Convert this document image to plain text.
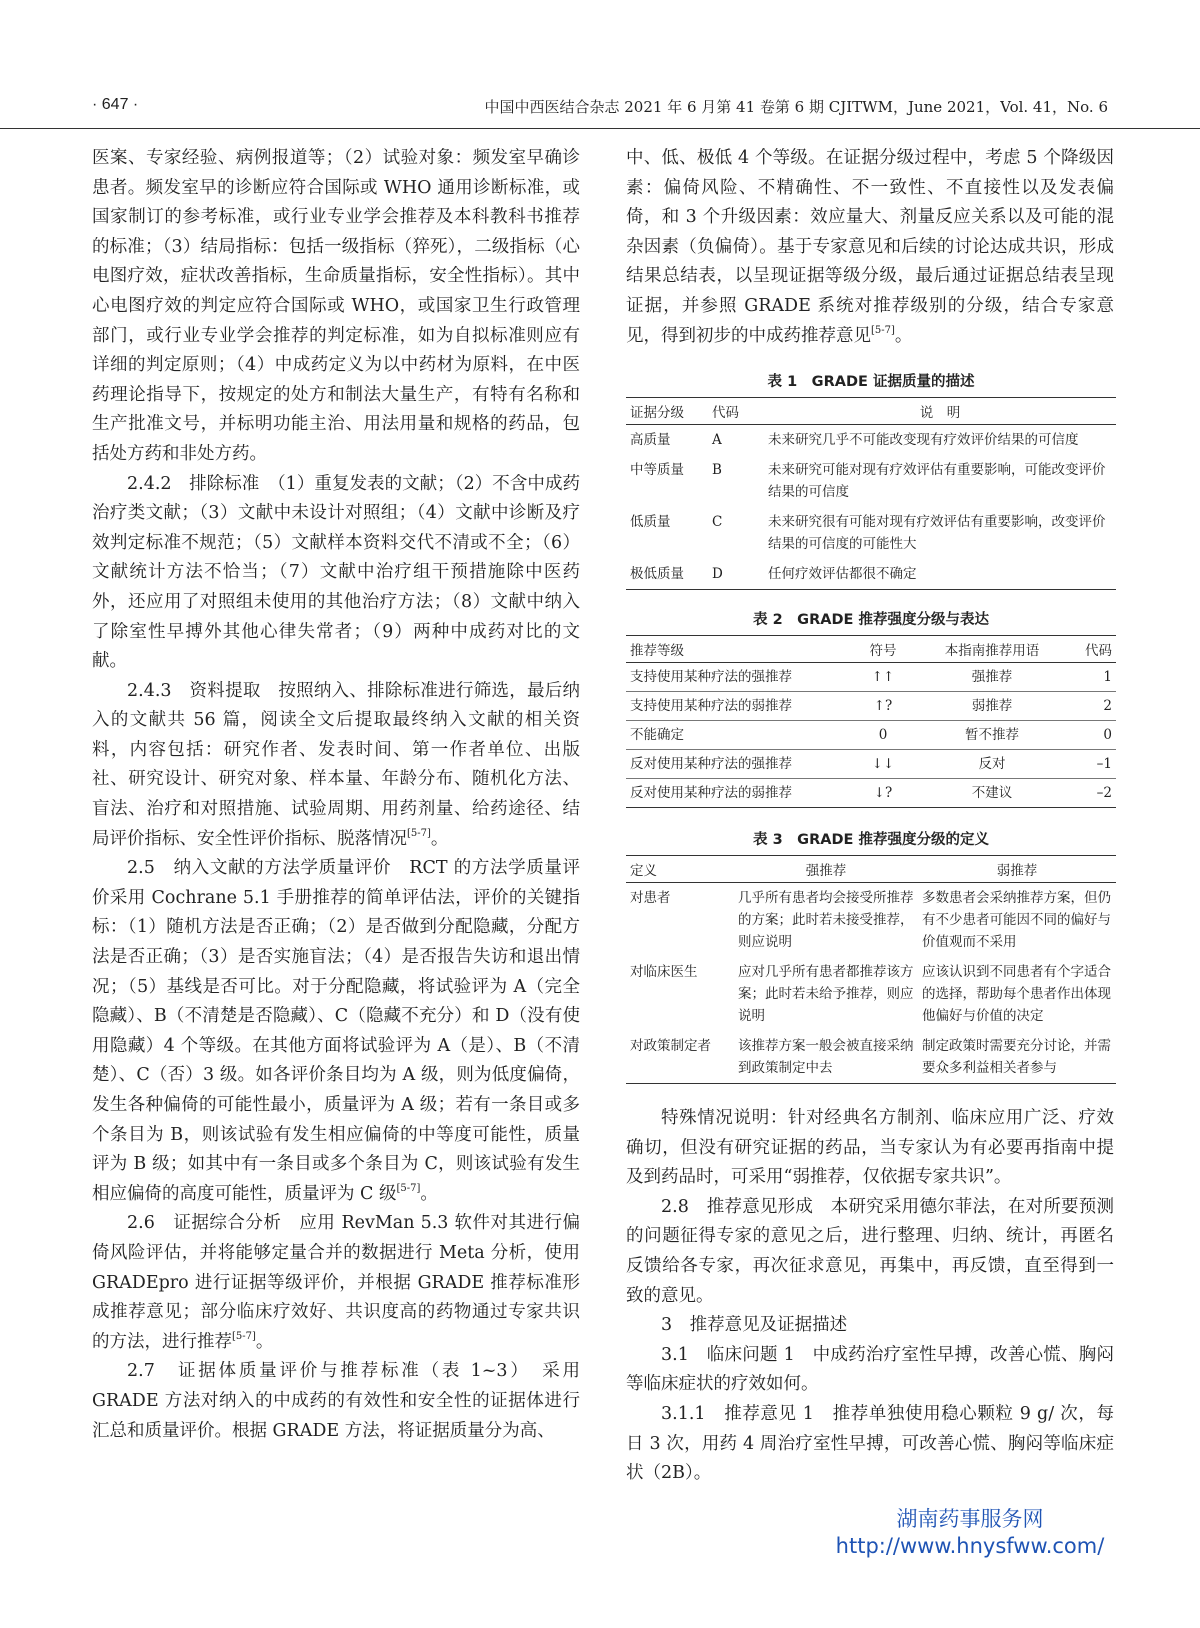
· 647 ·	中国中西医结合杂志 2021 年 6 月第 41 卷第 6 期 CJITWM，June 2021，Vol. 41，No. 6

医案、专家经验、病例报道等；（2）试验对象：频发室早确诊患者。频发室早的诊断应符合国际或 WHO 通用诊断标准，或国家制订的参考标准，或行业专业学会推荐及本科教科书推荐的标准；（3）结局指标：包括一级指标（猝死），二级指标（心电图疗效，症状改善指标，生命质量指标，安全性指标）。其中心电图疗效的判定应符合国际或 WHO，或国家卫生行政管理部门，或行业专业学会推荐的判定标准，如为自拟标准则应有详细的判定原则；（4）中成药定义为以中药材为原料，在中医药理论指导下，按规定的处方和制法大量生产，有特有名称和生产批准文号，并标明功能主治、用法用量和规格的药品，包括处方药和非处方药。

2.4.2　排除标准　（1）重复发表的文献；（2）不含中成药治疗类文献；（3）文献中未设计对照组；（4）文献中诊断及疗效判定标准不规范；（5）文献样本资料交代不清或不全；（6）文献统计方法不恰当；（7）文献中治疗组干预措施除中医药外，还应用了对照组未使用的其他治疗方法；（8）文献中纳入了除室性早搏外其他心律失常者；（9）两种中成药对比的文献。

2.4.3　资料提取　按照纳入、排除标准进行筛选，最后纳入的文献共 56 篇，阅读全文后提取最终纳入文献的相关资料，内容包括：研究作者、发表时间、第一作者单位、出版社、研究设计、研究对象、样本量、年龄分布、随机化方法、盲法、治疗和对照措施、试验周期、用药剂量、给药途径、结局评价指标、安全性评价指标、脱落情况[5-7]。

2.5　纳入文献的方法学质量评价　RCT 的方法学质量评价采用 Cochrane 5.1 手册推荐的简单评估法，评价的关键指标：（1）随机方法是否正确；（2）是否做到分配隐藏，分配方法是否正确；（3）是否实施盲法；（4）是否报告失访和退出情况；（5）基线是否可比。对于分配隐藏，将试验评为 A（完全隐藏）、B（不清楚是否隐藏）、C（隐藏不充分）和 D（没有使用隐藏）4 个等级。在其他方面将试验评为 A（是）、B（不清楚）、C（否）3 级。如各评价条目均为 A 级，则为低度偏倚，发生各种偏倚的可能性最小，质量评为 A 级；若有一条目或多个条目为 B，则该试验有发生相应偏倚的中等度可能性，质量评为 B 级；如其中有一条目或多个条目为 C，则该试验有发生相应偏倚的高度可能性，质量评为 C 级[5-7]。

2.6　证据综合分析　应用 RevMan 5.3 软件对其进行偏倚风险评估，并将能够定量合并的数据进行 Meta 分析，使用 GRADEpro 进行证据等级评价，并根据 GRADE 推荐标准形成推荐意见；部分临床疗效好、共识度高的药物通过专家共识的方法，进行推荐[5-7]。

2.7　证据体质量评价与推荐标准（表 1~3）　采用 GRADE 方法对纳入的中成药的有效性和安全性的证据体进行汇总和质量评价。根据 GRADE 方法，将证据质量分为高、

中、低、极低 4 个等级。在证据分级过程中，考虑 5 个降级因素：偏倚风险、不精确性、不一致性、不直接性以及发表偏倚，和 3 个升级因素：效应量大、剂量反应关系以及可能的混杂因素（负偏倚）。基于专家意见和后续的讨论达成共识，形成结果总结表，以呈现证据等级分级，最后通过证据总结表呈现证据，并参照 GRADE 系统对推荐级别的分级，结合专家意见，得到初步的中成药推荐意见[5-7]。

表 1　GRADE 证据质量的描述
证据分级	代码	说　明
高质量	A	未来研究几乎不可能改变现有疗效评价结果的可信度
中等质量	B	未来研究可能对现有疗效评估有重要影响，可能改变评价结果的可信度
低质量	C	未来研究很有可能对现有疗效评估有重要影响，改变评价结果的可信度的可能性大
极低质量	D	任何疗效评估都很不确定
表 2　GRADE 推荐强度分级与表达
推荐等级	符号	本指南推荐用语	代码
支持使用某种疗法的强推荐	↑↑	强推荐	1
支持使用某种疗法的弱推荐	↑?	弱推荐	2
不能确定	0	暂不推荐	0
反对使用某种疗法的强推荐	↓↓	反对	–1
反对使用某种疗法的弱推荐	↓?	不建议	–2
表 3　GRADE 推荐强度分级的定义
定义	强推荐	弱推荐
对患者	几乎所有患者均会接受所推荐的方案；此时若未接受推荐，则应说明	多数患者会采纳推荐方案，但仍有不少患者可能因不同的偏好与价值观而不采用
对临床医生	应对几乎所有患者都推荐该方案；此时若未给予推荐，则应说明	应该认识到不同患者有个字适合的选择，帮助每个患者作出体现他偏好与价值的决定
对政策制定者	该推荐方案一般会被直接采纳到政策制定中去	制定政策时需要充分讨论，并需要众多利益相关者参与

特殊情况说明：针对经典名方制剂、临床应用广泛、疗效确切，但没有研究证据的药品，当专家认为有必要再指南中提及到药品时，可采用“弱推荐，仅依据专家共识”。

2.8　推荐意见形成　本研究采用德尔菲法，在对所要预测的问题征得专家的意见之后，进行整理、归纳、统计，再匿名反馈给各专家，再次征求意见，再集中，再反馈，直至得到一致的意见。

3　推荐意见及证据描述

3.1　临床问题 1　中成药治疗室性早搏，改善心慌、胸闷等临床症状的疗效如何。

3.1.1　推荐意见 1　推荐单独使用稳心颗粒 9 g/ 次，每日 3 次，用药 4 周治疗室性早搏，可改善心慌、胸闷等临床症状（2B）。

湖南药事服务网
http://www.hnysfww.com/
